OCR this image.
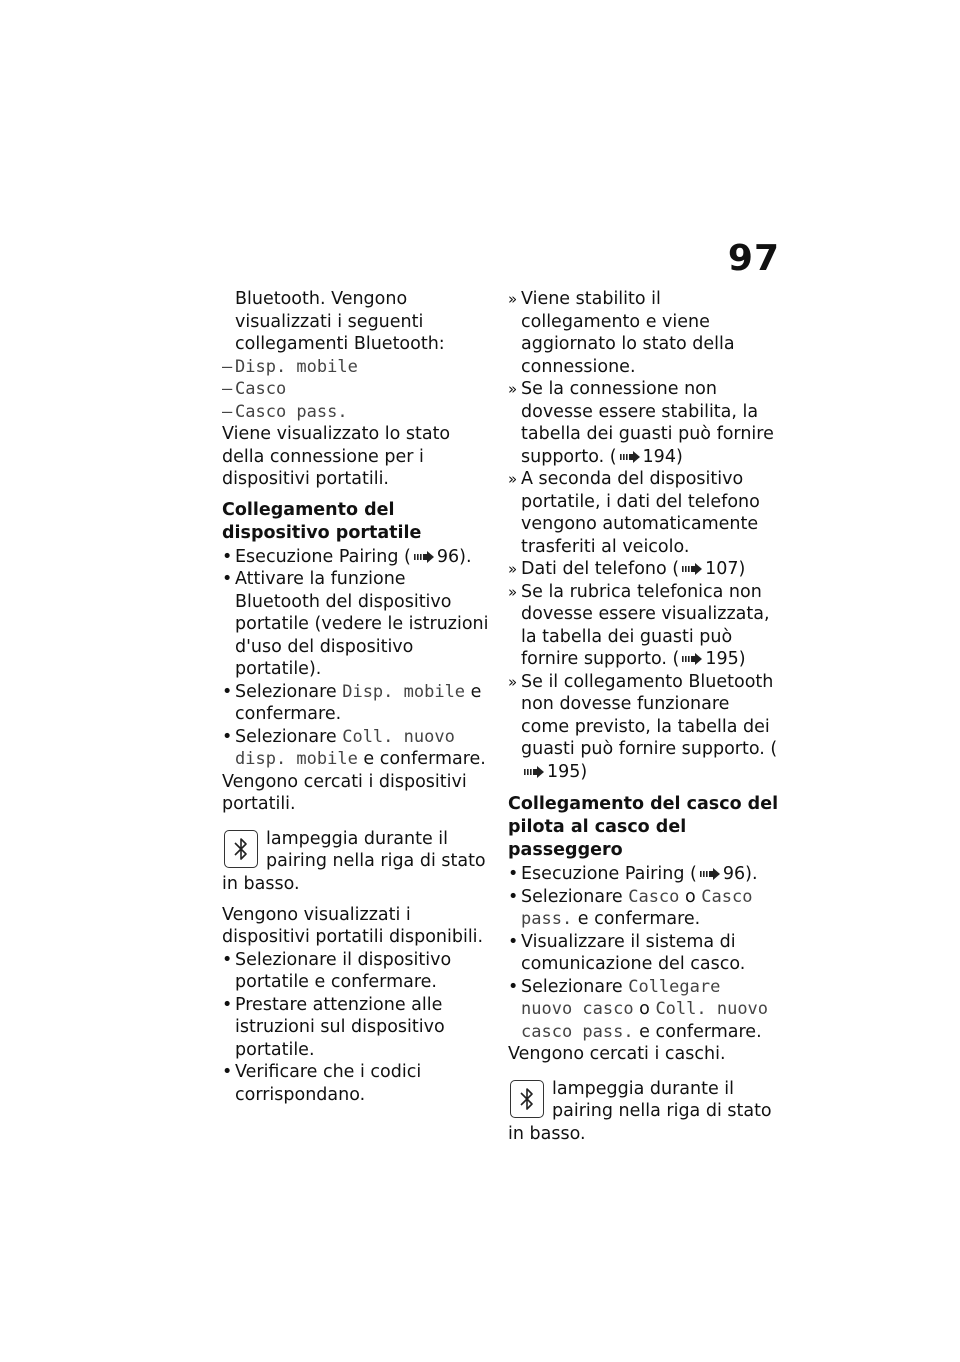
97

Bluetooth. Vengono visualizzati i seguenti collegamenti Bluetooth:

– Disp. mobile
– Casco
– Casco pass.

Viene visualizzato lo stato della connessione per i dispositivi portatili.

Collegamento del dispositivo portatile
• Esecuzione Pairing ( 96).
• Attivare la funzione Bluetooth del dispositivo portatile (vedere le istruzioni d'uso del dispositivo portatile).
• Selezionare Disp. mobile e confermare.
• Selezionare Coll. nuovo disp. mobile e confermare.

Vengono cercati i dispositivi portatili.

lampeggia durante il pairing nella riga di stato in basso.

Vengono visualizzati i dispositivi portatili disponibili.

• Selezionare il dispositivo portatile e confermare.
• Prestare attenzione alle istruzioni sul dispositivo portatile.
• Verificare che i codici corrispondano.
» Viene stabilito il collegamento e viene aggiornato lo stato della connessione.
» Se la connessione non dovesse essere stabilita, la tabella dei guasti può fornire supporto. ( 194)
» A seconda del dispositivo portatile, i dati del telefono vengono automaticamente trasferiti al veicolo.
» Dati del telefono ( 107)
» Se la rubrica telefonica non dovesse essere visualizzata, la tabella dei guasti può fornire supporto. ( 195)
» Se il collegamento Bluetooth non dovesse funzionare come previsto, la tabella dei guasti può fornire supporto. (195)
Collegamento del casco del pilota al casco del passeggero
• Esecuzione Pairing ( 96).
• Selezionare Casco o Casco pass. e confermare.
• Visualizzare il sistema di comunicazione del casco.
• Selezionare Collegare nuovo casco o Coll. nuovo casco pass. e confermare.

Vengono cercati i caschi.

lampeggia durante il pairing nella riga di stato in basso.
